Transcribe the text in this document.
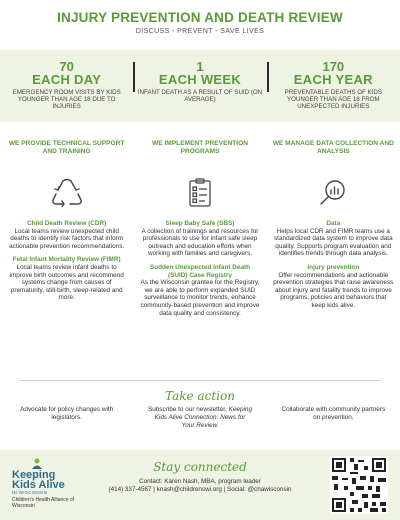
INJURY PREVENTION AND DEATH REVIEW
DISCUSS - PREVENT - SAVE LIVES
70
EACH DAY
EMERGENCY ROOM VISITS BY KIDS YOUNGER THAN AGE 18 DUE TO INJURIES
1
EACH WEEK
INFANT DEATH AS A RESULT OF SUID (ON AVERAGE)
170
EACH YEAR
PREVENTABLE DEATHS OF KIDS YOUNGER THAN AGE 18 FROM UNEXPECTED INJURIES
WE PROVIDE TECHNICAL SUPPORT AND TRAINING
Child Death Review (CDR)
Local teams review unexpected child deaths to identify risk factors that inform actionable prevention recommendations.
Fetal Infant Mortality Review (FIMR)
Local teams review infant deaths to improve birth outcomes and recommend systems change from causes of prematurity, still-birth, sleep-related and more.
WE IMPLEMENT PREVENTION PROGRAMS
Sleep Baby Safe (SBS)
A collection of trainings and resources for professionals to use for infant safe sleep outreach and education efforts when working with families and caregivers.
Sudden Unexpected Infant Death (SUID) Case Registry
As the Wisconsin grantee for the Registry, we are able to perform expanded SUID surveillance to monitor trends, enhance community-based prevention and improve data quality and consistency.
WE MANAGE DATA COLLECTION AND ANALYSIS
Data
Helps local CDR and FIMR teams use a standardized data system to improve data quality. Supports program evaluation and identifies trends through data analysis.
Injury prevention
Offer recommendations and actionable prevention strategies that raise awareness about injury and fatality trends to improve programs, policies and behaviors that keep kids alive.
Take action
Advocate for policy changes with legislators.
Subscribe to our newsletter, Keeping Kids Alive Connection: News for Your Review.
Collaborate with community partners on prevention.
Keeping
Kids Alive
IN WISCONSIN
Children's Health Alliance of Wisconsin
Stay connected
Contact: Karen Nash, MBA, program leader
(414) 337-4567 | knash@childrenswi.org | Social: @chawisconsin
